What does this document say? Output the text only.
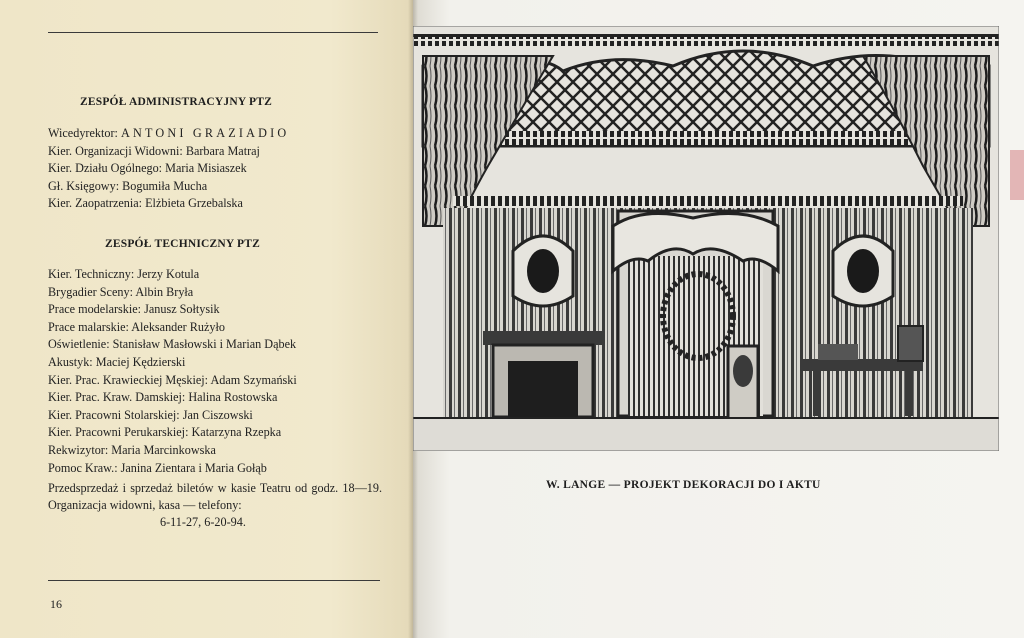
ZESPÓŁ ADMINISTRACYJNY PTZ
Wicedyrektor: ANTONI GRAZIADIO
Kier. Organizacji Widowni: Barbara Matraj
Kier. Działu Ogólnego: Maria Misiaszek
Gł. Księgowy: Bogumiła Mucha
Kier. Zaopatrzenia: Elżbieta Grzebalska
ZESPÓŁ TECHNICZNY PTZ
Kier. Techniczny: Jerzy Kotula
Brygadier Sceny: Albin Bryła
Prace modelarskie: Janusz Sołtysik
Prace malarskie: Aleksander Rużyło
Oświetlenie: Stanisław Masłowski i Marian Dąbek
Akustyk: Maciej Kędzierski
Kier. Prac. Krawieckiej Męskiej: Adam Szymański
Kier. Prac. Kraw. Damskiej: Halina Rostowska
Kier. Pracowni Stolarskiej: Jan Ciszowski
Kier. Pracowni Perukarskiej: Katarzyna Rzepka
Rekwizytor: Maria Marcinkowska
Pomoc Kraw.: Janina Zientara i Maria Gołąb
Przedsprzedaż i sprzedaż biletów w kasie Teatru od godz. 18—19. Organizacja widowni, kasa — telefony:
6-11-27, 6-20-94.
16
W. LANGE — PROJEKT DEKORACJI DO I AKTU
